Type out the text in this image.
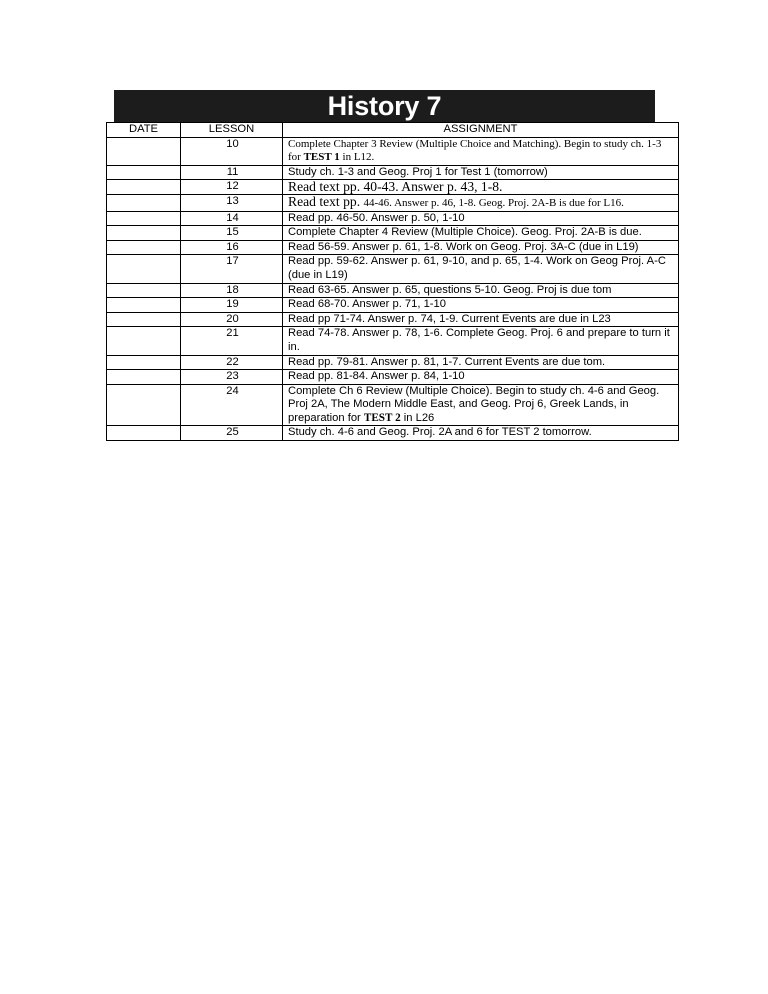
History 7
DATE	LESSON	ASSIGNMENT
	10	Complete Chapter 3 Review (Multiple Choice and Matching). Begin to study ch. 1-3 for TEST 1 in L12.
	11	Study ch. 1-3 and Geog. Proj 1 for Test 1 (tomorrow)
	12	Read text pp. 40-43. Answer p. 43, 1-8.
	13	Read text pp. 44-46. Answer p. 46, 1-8. Geog. Proj. 2A-B is due for L16.
	14	Read pp. 46-50. Answer p. 50, 1-10
	15	Complete Chapter 4 Review (Multiple Choice). Geog. Proj. 2A-B is due.
	16	Read 56-59. Answer p. 61, 1-8. Work on Geog. Proj. 3A-C (due in L19)
	17	Read pp. 59-62. Answer p. 61, 9-10, and p. 65, 1-4. Work on Geog Proj. A-C (due in L19)
	18	Read 63-65. Answer p. 65, questions 5-10. Geog. Proj is due tom
	19	Read 68-70. Answer p. 71, 1-10
	20	Read pp 71-74. Answer p. 74, 1-9. Current Events are due in L23
	21	Read 74-78. Answer p. 78, 1-6. Complete Geog. Proj. 6 and prepare to turn it in.
	22	Read pp. 79-81. Answer p. 81, 1-7. Current Events are due tom.
	23	Read pp. 81-84. Answer p. 84, 1-10
	24	Complete Ch 6 Review (Multiple Choice). Begin to study ch. 4-6 and Geog. Proj 2A, The Modern Middle East, and Geog. Proj 6, Greek Lands, in preparation for TEST 2 in L26
	25	Study ch. 4-6 and Geog. Proj. 2A and 6 for TEST 2 tomorrow.
